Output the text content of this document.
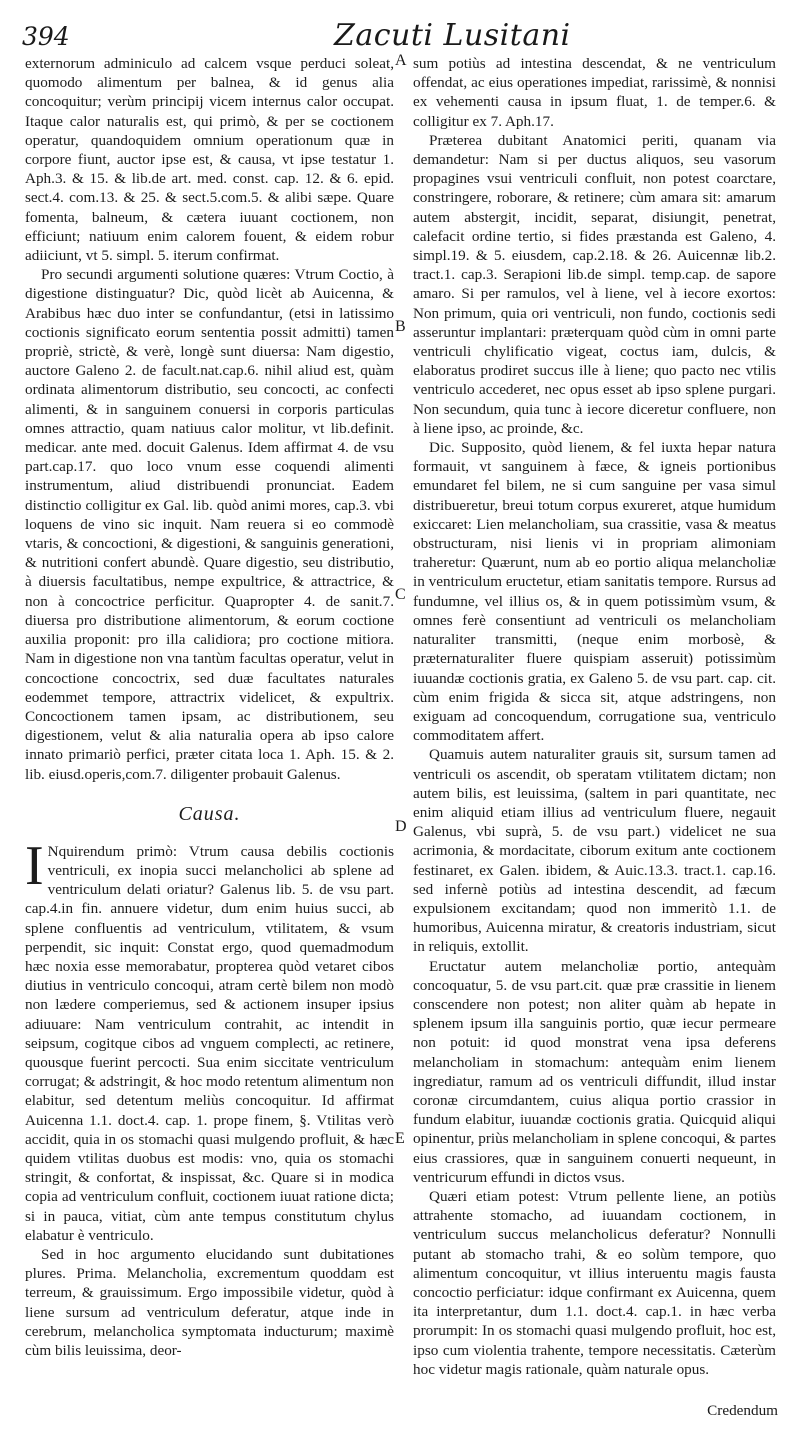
394	Zacuti Lusitani

externorum adminiculo ad calcem vsque perduci soleat, quomodo alimentum per balnea, & id genus alia concoquitur; verùm principij vicem internus calor occupat. Itaque calor naturalis est, qui primò, & per se coctionem operatur, quandoquidem omnium operationum quæ in corpore fiunt, auctor ipse est, & causa, vt ipse testatur 1. Aph.3. & 15. & lib.de art. med. const. cap. 12. & 6. epid. sect.4. com.13. & 25. & sect.5.com.5. & alibi sæpe. Quare fomenta, balneum, & cætera iuuant coctionem, non efficiunt; natiuum enim calorem fouent, & eidem robur adiiciunt, vt 5. simpl. 5. iterum confirmat.

Pro secundi argumenti solutione quæres: Vtrum Coctio, à digestione distinguatur? Dic, quòd licèt ab Auicenna, & Arabibus hæc duo inter se confundantur, (etsi in latissimo coctionis significato eorum sententia possit admitti) tamen propriè, strictè, & verè, longè sunt diuersa: Nam digestio, auctore Galeno 2. de facult.nat.cap.6. nihil aliud est, quàm ordinata alimentorum distributio, seu concocti, ac confecti alimenti, & in sanguinem conuersi in corporis particulas omnes attractio, quam natiuus calor molitur, vt lib.definit. medicar. ante med. docuit Galenus. Idem affirmat 4. de vsu part.cap.17. quo loco vnum esse coquendi alimenti instrumentum, aliud distribuendi pronunciat. Eadem distinctio colligitur ex Gal. lib. quòd animi mores, cap.3. vbi loquens de vino sic inquit. Nam reuera si eo commodè vtaris, & concoctioni, & digestioni, & sanguinis generationi, & nutritioni confert abundè. Quare digestio, seu distributio, à diuersis facultatibus, nempe expultrice, & attractrice, & non à concoctrice perficitur. Quapropter 4. de sanit.7. diuersa pro distributione alimentorum, & eorum coctione auxilia proponit: pro illa calidiora; pro coctione mitiora. Nam in digestione non vna tantùm facultas operatur, velut in concoctione concoctrix, sed duæ facultates naturales eodemmet tempore, attractrix videlicet, & expultrix. Concoctionem tamen ipsam, ac distributionem, seu digestionem, velut & alia naturalia opera ab ipso calore innato primariò perfici, præter citata loca 1. Aph. 15. & 2. lib. eiusd.operis,com.7. diligenter probauit Galenus.

Causa.

I Nquirendum primò: Vtrum causa debilis coctionis ventriculi, ex inopia succi melancholici ab splene ad ventriculum delati oriatur? Galenus lib. 5. de vsu part. cap.4.in fin. annuere videtur, dum enim huius succi, ab splene confluentis ad ventriculum, vtilitatem, & vsum perpendit, sic inquit: Constat ergo, quod quemadmodum hæc noxia esse memorabatur, propterea quòd vetaret cibos diutius in ventriculo concoqui, atram certè bilem non modò non lædere comperiemus, sed & actionem insuper ipsius adiuuare: Nam ventriculum contrahit, ac intendit in seipsum, cogitque cibos ad vnguem complecti, ac retinere, quousque fuerint percocti. Sua enim siccitate ventriculum corrugat; & adstringit, & hoc modo retentum alimentum non elabitur, sed detentum meliùs concoquitur. Id affirmat Auicenna 1.1. doct.4. cap. 1. prope finem, §. Vtilitas verò accidit, quia in os stomachi quasi mulgendo profluit, & hæc quidem vtilitas duobus est modis: vno, quia os stomachi stringit, & confortat, & inspissat, &c. Quare si in modica copia ad ventriculum confluit, coctionem iuuat ratione dicta; si in pauca, vitiat, cùm ante tempus constitutum chylus elabatur è ventriculo.

Sed in hoc argumento elucidando sunt dubitationes plures. Prima. Melancholia, excrementum quoddam est terreum, & grauissimum. Ergo impossibile videtur, quòd à liene sursum ad ventriculum deferatur, atque inde in cerebrum, melancholica symptomata inducturum; maximè cùm bilis leuissima, deor-

A
B
C
D
E

sum potiùs ad intestina descendat, & ne ventriculum offendat, ac eius operationes impediat, rarissimè, & nonnisi ex vehementi causa in ipsum fluat, 1. de temper.6. & colligitur ex 7. Aph.17.

Præterea dubitant Anatomici periti, quanam via demandetur: Nam si per ductus aliquos, seu vasorum propagines vsui ventriculi confluit, non potest coarctare, constringere, roborare, & retinere; cùm amara sit: amarum autem abstergit, incidit, separat, disiungit, penetrat, calefacit ordine tertio, si fides præstanda est Galeno, 4. simpl.19. & 5. eiusdem, cap.2.18. & 26. Auicennæ lib.2. tract.1. cap.3. Serapioni lib.de simpl. temp.cap. de sapore amaro. Si per ramulos, vel à liene, vel à iecore exortos: Non primum, quia ori ventriculi, non fundo, coctionis sedi asseruntur implantari: præterquam quòd cùm in omni parte ventriculi chylificatio vigeat, coctus iam, dulcis, & elaboratus prodiret succus ille à liene; quo pacto nec vtilis ventriculo accederet, nec opus esset ab ipso splene purgari. Non secundum, quia tunc à iecore diceretur confluere, non à liene ipso, ac proinde, &c.

Dic. Supposito, quòd lienem, & fel iuxta hepar natura formauit, vt sanguinem à fæce, & igneis portionibus emundaret fel bilem, ne si cum sanguine per vasa simul distribueretur, breui totum corpus exureret, atque humidum exiccaret: Lien melancholiam, sua crassitie, vasa & meatus obstructuram, nisi lienis vi in propriam alimoniam traheretur: Quærunt, num ab eo portio aliqua melancholiæ in ventriculum eructetur, etiam sanitatis tempore. Rursus ad fundumne, vel illius os, & in quem potissimùm vsum, & omnes ferè consentiunt ad ventriculi os melancholiam naturaliter transmitti, (neque enim morbosè, & præternaturaliter fluere quispiam asseruit) potissimùm iuuandæ coctionis gratia, ex Galeno 5. de vsu part. cap. cit. cùm enim frigida & sicca sit, atque adstringens, non exiguam ad concoquendum, corrugatione sua, ventriculo commoditatem affert.

Quamuis autem naturaliter grauis sit, sursum tamen ad ventriculi os ascendit, ob speratam vtilitatem dictam; non autem bilis, est leuissima, (saltem in pari quantitate, nec enim aliquid etiam illius ad ventriculum fluere, negauit Galenus, vbi suprà, 5. de vsu part.) videlicet ne sua acrimonia, & mordacitate, ciborum exitum ante coctionem festinaret, ex Galen. ibidem, & Auic.13.3. tract.1. cap.16. sed infernè potiùs ad intestina descendit, ad fæcum expulsionem excitandam; quod non immeritò 1.1. de humoribus, Auicenna miratur, & creatoris industriam, sicut in reliquis, extollit.

Eructatur autem melancholiæ portio, antequàm concoquatur, 5. de vsu part.cit. quæ præ crassitie in lienem conscendere non potest; non aliter quàm ab hepate in splenem ipsum illa sanguinis portio, quæ iecur permeare non potuit: id quod monstrat vena ipsa deferens melancholiam in stomachum: antequàm enim lienem ingrediatur, ramum ad os ventriculi diffundit, illud instar coronæ circumdantem, cuius aliqua portio crassior in fundum elabitur, iuuandæ coctionis gratia. Quicquid aliqui opinentur, priùs melancholiam in splene concoqui, & partes eius crassiores, quæ in sanguinem conuerti nequeunt, in ventricurum effundi in dictos vsus.

Quæri etiam potest: Vtrum pellente liene, an potiùs attrahente stomacho, ad iuuandam coctionem, in ventriculum succus melancholicus deferatur? Nonnulli putant ab stomacho trahi, & eo solùm tempore, quo alimentum concoquitur, vt illius interuentu magis fausta concoctio perficiatur: idque confirmant ex Auicenna, quem ita interpretantur, dum 1.1. doct.4. cap.1. in hæc verba prorumpit: In os stomachi quasi mulgendo profluit, hoc est, ipso cum violentia trahente, tempore necessitatis. Cæterùm hoc videtur magis rationale, quàm naturale opus.

Credendum
